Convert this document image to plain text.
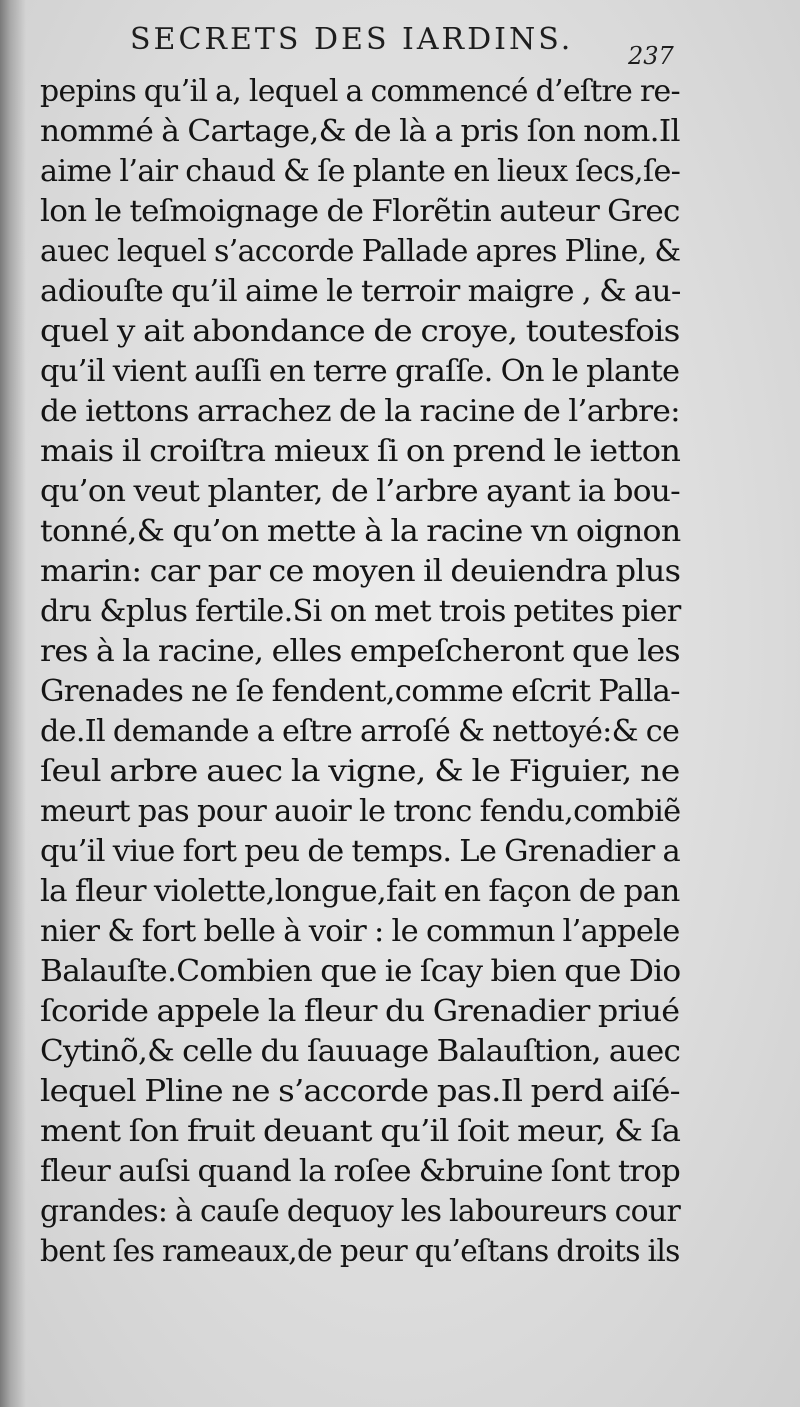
SECRETS DES IARDINS. 237
pepins qu’il a, lequel a commencé d’eſtre re-
nommé à Cartage,& de là a pris ſon nom.Il
aime l’air chaud & ſe plante en lieux ſecs,ſe-
lon le teſmoignage de Florẽtin auteur Grec
auec lequel s’accorde Pallade apres Pline, &
adiouſte qu’il aime le terroir maigre , & au-
quel y ait abondance de croye, toutesfois
qu’il vient auſſi en terre graſſe. On le plante
de iettons arrachez de la racine de l’arbre:
mais il croiſtra mieux ſi on prend le ietton
qu’on veut planter, de l’arbre ayant ia bou-
tonné,& qu’on mette à la racine vn oignon
marin: car par ce moyen il deuiendra plus
dru &plus fertile.Si on met trois petites pier
res à la racine, elles empeſcheront que les
Grenades ne ſe fendent,comme eſcrit Palla-
de.Il demande a eſtre arroſé & nettoyé:& ce
ſeul arbre auec la vigne, & le Figuier, ne
meurt pas pour auoir le tronc fendu,combiẽ
qu’il viue fort peu de temps. Le Grenadier a
la fleur violette,longue,fait en façon de pan
nier & fort belle à voir : le commun l’appele
Balauſte.Combien que ie ſcay bien que Dio
ſcoride appele la fleur du Grenadier priué
Cytinõ,& celle du ſauuage Balauſtion, auec
lequel Pline ne s’accorde pas.Il perd aiſé-
ment ſon fruit deuant qu’il ſoit meur, & ſa
fleur auſsi quand la roſee &bruine ſont trop
grandes: à cauſe dequoy les laboureurs cour
bent ſes rameaux,de peur qu’eſtans droits ils
